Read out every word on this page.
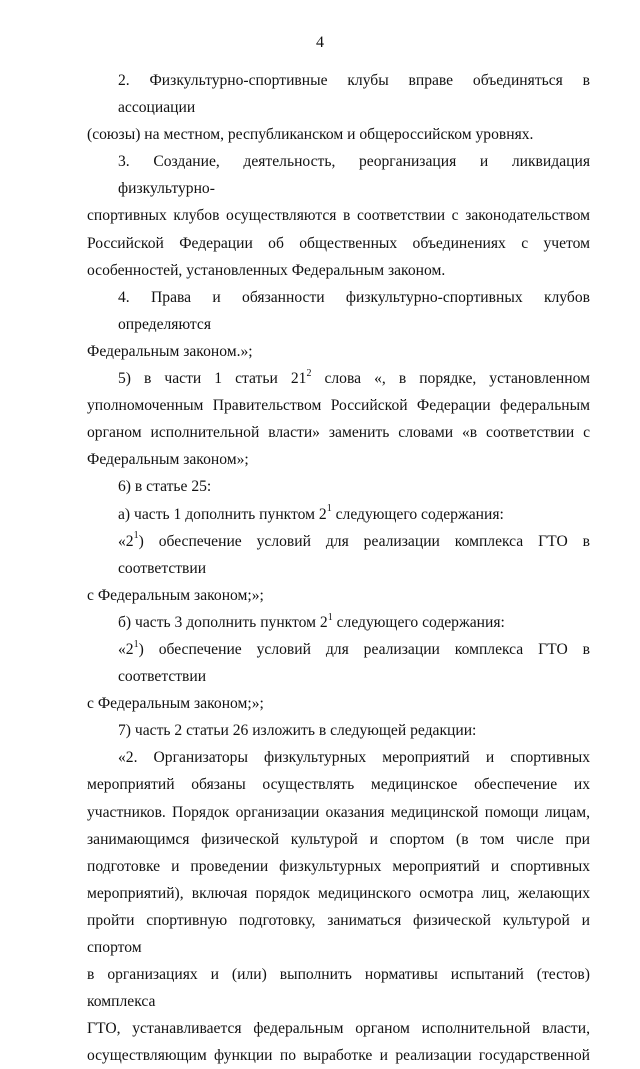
4
2. Физкультурно-спортивные клубы вправе объединяться в ассоциации
(союзы) на местном, республиканском и общероссийском уровнях.
3. Создание, деятельность, реорганизация и ликвидация физкультурно-
спортивных клубов осуществляются в соответствии с законодательством
Российской Федерации об общественных объединениях с учетом
особенностей, установленных Федеральным законом.
4. Права и обязанности физкультурно-спортивных клубов определяются
Федеральным законом.»;
5) в части 1 статьи $21^2$ слова «, в порядке, установленном
уполномоченным Правительством Российской Федерации федеральным
органом исполнительной власти» заменить словами «в соответствии с
Федеральным законом»;
6) в статье 25:
а) часть 1 дополнить пунктом $2^1$ следующего содержания:
«$2^1$) обеспечение условий для реализации комплекса ГТО в соответствии
с Федеральным законом;»;
б) часть 3 дополнить пунктом $2^1$ следующего содержания:
«$2^1$) обеспечение условий для реализации комплекса ГТО в соответствии
с Федеральным законом;»;
7) часть 2 статьи 26 изложить в следующей редакции:
«2. Организаторы физкультурных мероприятий и спортивных
мероприятий обязаны осуществлять медицинское обеспечение их
участников. Порядок организации оказания медицинской помощи лицам,
занимающимся физической культурой и спортом (в том числе при
подготовке и проведении физкультурных мероприятий и спортивных
мероприятий), включая порядок медицинского осмотра лиц, желающих
пройти спортивную подготовку, заниматься физической культурой и спортом
в организациях и (или) выполнить нормативы испытаний (тестов) комплекса
ГТО, устанавливается федеральным органом исполнительной власти,
осуществляющим функции по выработке и реализации государственной
